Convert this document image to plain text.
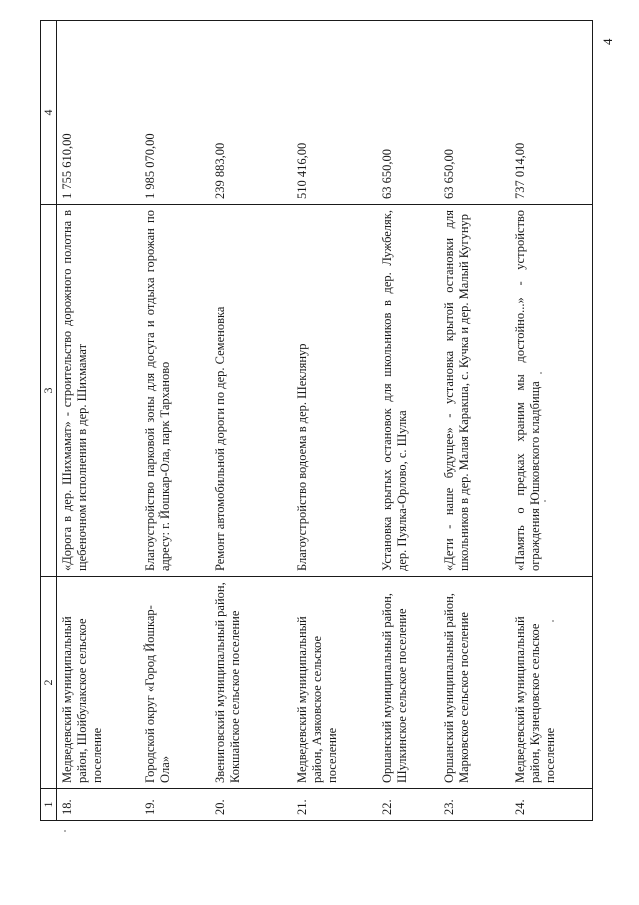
4
1	2	3	4
18.	Медведевский муниципальный район, Шойбулакское сельское поселение	«Дорога в дер. Шихмамат» - строительство дорожного полотна в щебеночном исполнении в дер. Шихмамат	1 755 610,00
19.	Городской округ «Город Йошкар-Ола»	Благоустройство парковой зоны для досуга и отдыха горожан по адресу: г. Йошкар-Ола, парк Тарханово	1 985 070,00
20.	Звениговский муниципальный район, Кокшайское сельское поселение	Ремонт автомобильной дороги по дер. Семеновка	239 883,00
21.	Медведевский муниципальный район, Азяковское сельское поселение	Благоустройство водоема в дер. Шеклянур	510 416,00
22.	Оршанский муниципальный район, Шулкинское сельское поселение	Установка крытых остановок для школьников в дер. Лужбеляк, дер. Пуялка-Орлово, с. Шулка	63 650,00
23.	Оршанский муниципальный район, Марковское сельское поселение	«Дети - наше будущее» - установка крытой остановки для школьников в дер. Малая Каракша, с. Кучка и дер. Малый Кугунур	63 650,00
24.	Медведевский муниципальный район, Кузнецовское сельское поселение	«Память о предках храним мы достойно...» - устройство ограждения Юшковского кладбища	737 014,00
